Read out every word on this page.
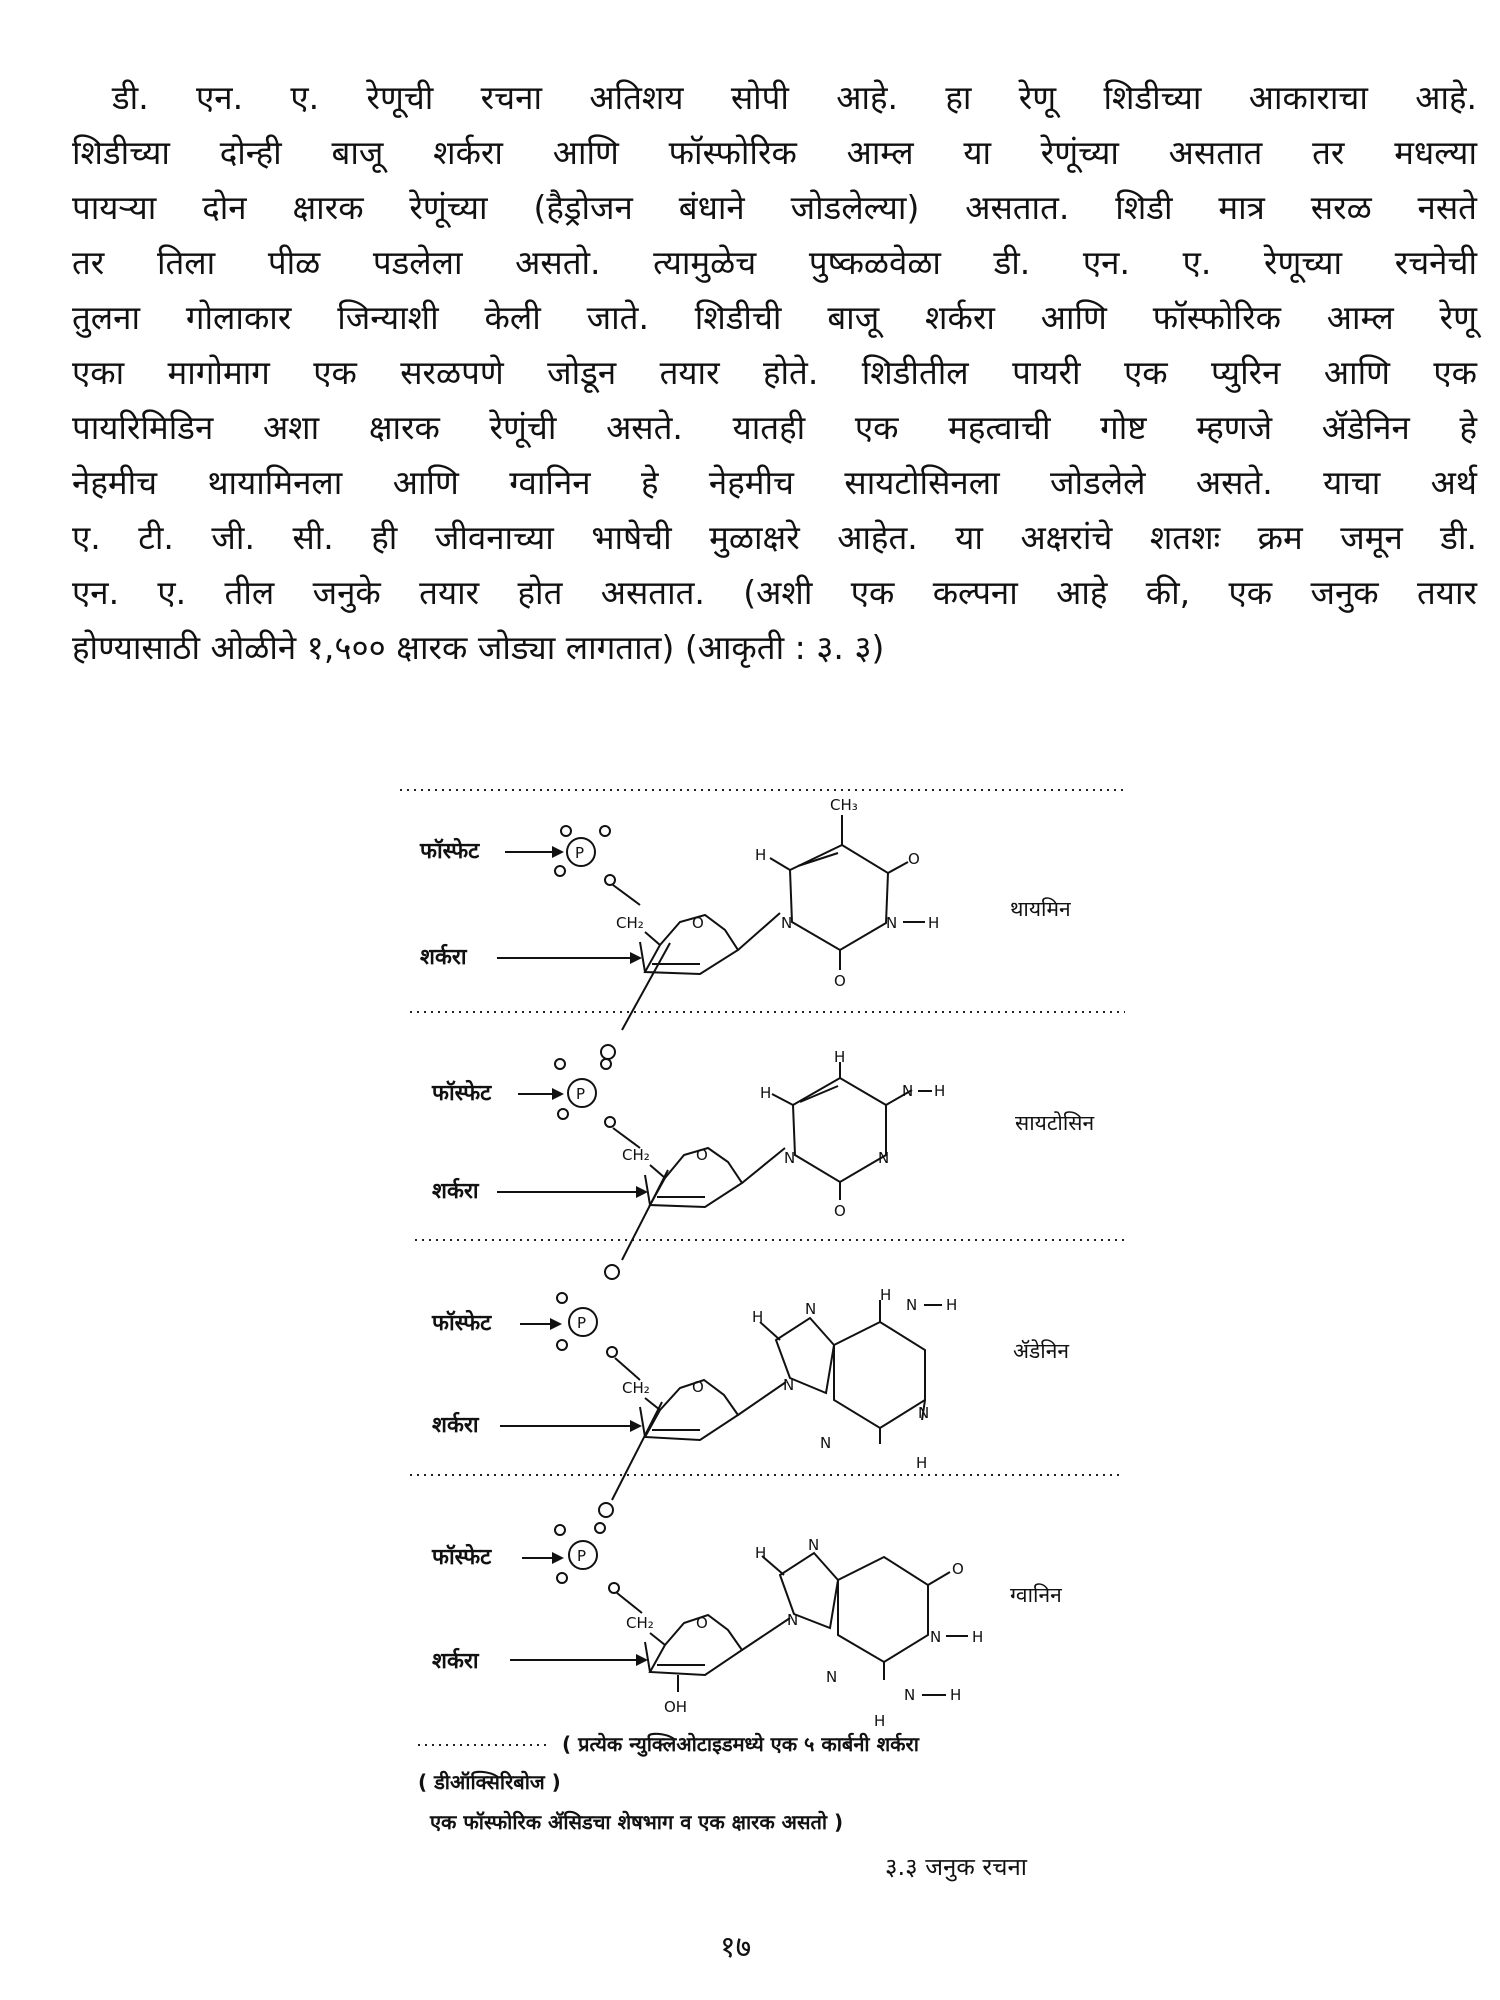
डी. एन. ए. रेणूची रचना अतिशय सोपी आहे. हा रेणू शिडीच्या आकाराचा आहे.
शिडीच्या दोन्ही बाजू शर्करा आणि फॉस्फोरिक आम्ल या रेणूंच्या असतात तर मधल्या
पायऱ्या दोन क्षारक रेणूंच्या (हैड्रोजन बंधाने जोडलेल्या) असतात. शिडी मात्र सरळ नसते
तर तिला पीळ पडलेला असतो. त्यामुळेच पुष्कळवेळा डी. एन. ए. रेणूच्या रचनेची
तुलना गोलाकार जिन्याशी केली जाते. शिडीची बाजू शर्करा आणि फॉस्फोरिक आम्ल रेणू
एका मागोमाग एक सरळपणे जोडून तयार होते. शिडीतील पायरी एक प्युरिन आणि एक
पायरिमिडिन अशा क्षारक रेणूंची असते. यातही एक महत्वाची गोष्ट म्हणजे ॲडेनिन हे
नेहमीच थायामिनला आणि ग्वानिन हे नेहमीच सायटोसिनला जोडलेले असते. याचा अर्थ
ए. टी. जी. सी. ही जीवनाच्या भाषेची मुळाक्षरे आहेत. या अक्षरांचे शतशः क्रम जमून डी.
एन. ए. तील जनुके तयार होत असतात. (अशी एक कल्पना आहे की, एक जनुक तयार
होण्यासाठी ओळीने १,५०० क्षारक जोड्या लागतात) (आकृती : ३. ३)
फॉस्फेट	P
CH₂	O
शर्करा
CH₃
H	O
N H
N
O
थायमिन
फॉस्फेट	P
CH₂	O
शर्करा
H
H	N H
N
N
O
सायटोसिन
फॉस्फेट	P
CH₂	O
शर्करा
H	N
N
N
N
H
H
N H
ॲडेनिन
फॉस्फेट	P
CH₂	O
OH
शर्करा
H	N
N
N
N H
O
N H
H
ग्वानिन
( प्रत्येक न्युक्लिओटाइडमध्ये एक ५ कार्बनी शर्करा
( डीऑक्सिरिबोज )
एक फॉस्फोरिक ॲसिडचा शेषभाग व एक क्षारक असतो )
३.३ जनुक रचना
१७
